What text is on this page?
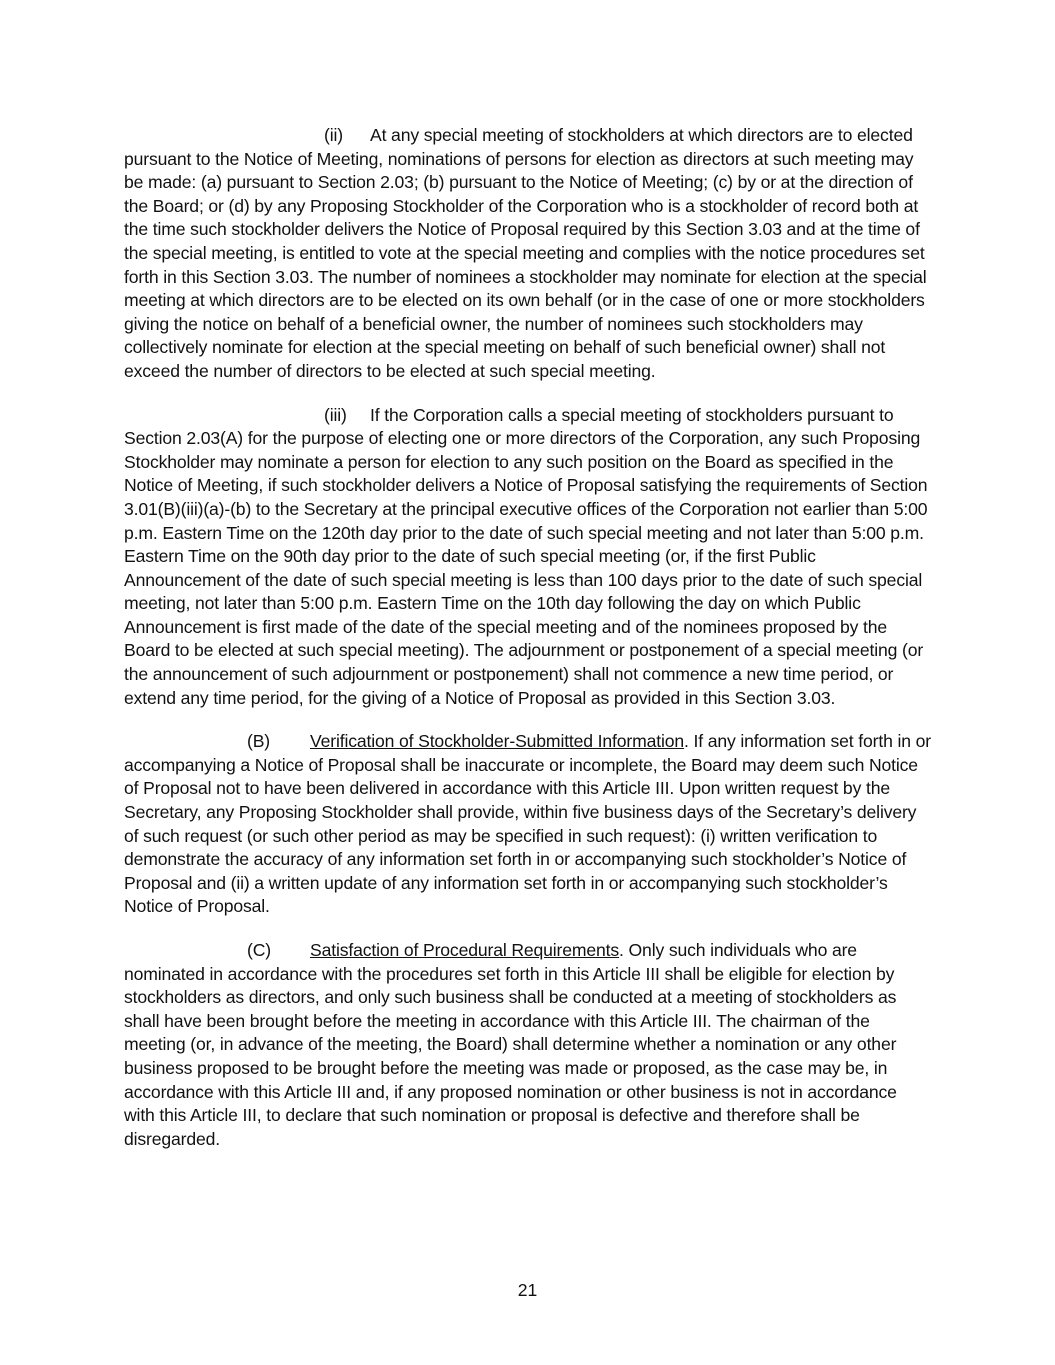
(ii) At any special meeting of stockholders at which directors are to elected pursuant to the Notice of Meeting, nominations of persons for election as directors at such meeting may be made: (a) pursuant to Section 2.03; (b) pursuant to the Notice of Meeting; (c) by or at the direction of the Board; or (d) by any Proposing Stockholder of the Corporation who is a stockholder of record both at the time such stockholder delivers the Notice of Proposal required by this Section 3.03 and at the time of the special meeting, is entitled to vote at the special meeting and complies with the notice procedures set forth in this Section 3.03. The number of nominees a stockholder may nominate for election at the special meeting at which directors are to be elected on its own behalf (or in the case of one or more stockholders giving the notice on behalf of a beneficial owner, the number of nominees such stockholders may collectively nominate for election at the special meeting on behalf of such beneficial owner) shall not exceed the number of directors to be elected at such special meeting.

(iii) If the Corporation calls a special meeting of stockholders pursuant to Section 2.03(A) for the purpose of electing one or more directors of the Corporation, any such Proposing Stockholder may nominate a person for election to any such position on the Board as specified in the Notice of Meeting, if such stockholder delivers a Notice of Proposal satisfying the requirements of Section 3.01(B)(iii)(a)-(b) to the Secretary at the principal executive offices of the Corporation not earlier than 5:00 p.m. Eastern Time on the 120th day prior to the date of such special meeting and not later than 5:00 p.m. Eastern Time on the 90th day prior to the date of such special meeting (or, if the first Public Announcement of the date of such special meeting is less than 100 days prior to the date of such special meeting, not later than 5:00 p.m. Eastern Time on the 10th day following the day on which Public Announcement is first made of the date of the special meeting and of the nominees proposed by the Board to be elected at such special meeting). The adjournment or postponement of a special meeting (or the announcement of such adjournment or postponement) shall not commence a new time period, or extend any time period, for the giving of a Notice of Proposal as provided in this Section 3.03.

(B) Verification of Stockholder-Submitted Information. If any information set forth in or accompanying a Notice of Proposal shall be inaccurate or incomplete, the Board may deem such Notice of Proposal not to have been delivered in accordance with this Article III. Upon written request by the Secretary, any Proposing Stockholder shall provide, within five business days of the Secretary’s delivery of such request (or such other period as may be specified in such request): (i) written verification to demonstrate the accuracy of any information set forth in or accompanying such stockholder’s Notice of Proposal and (ii) a written update of any information set forth in or accompanying such stockholder’s Notice of Proposal.

(C) Satisfaction of Procedural Requirements. Only such individuals who are nominated in accordance with the procedures set forth in this Article III shall be eligible for election by stockholders as directors, and only such business shall be conducted at a meeting of stockholders as shall have been brought before the meeting in accordance with this Article III. The chairman of the meeting (or, in advance of the meeting, the Board) shall determine whether a nomination or any other business proposed to be brought before the meeting was made or proposed, as the case may be, in accordance with this Article III and, if any proposed nomination or other business is not in accordance with this Article III, to declare that such nomination or proposal is defective and therefore shall be disregarded.

21
